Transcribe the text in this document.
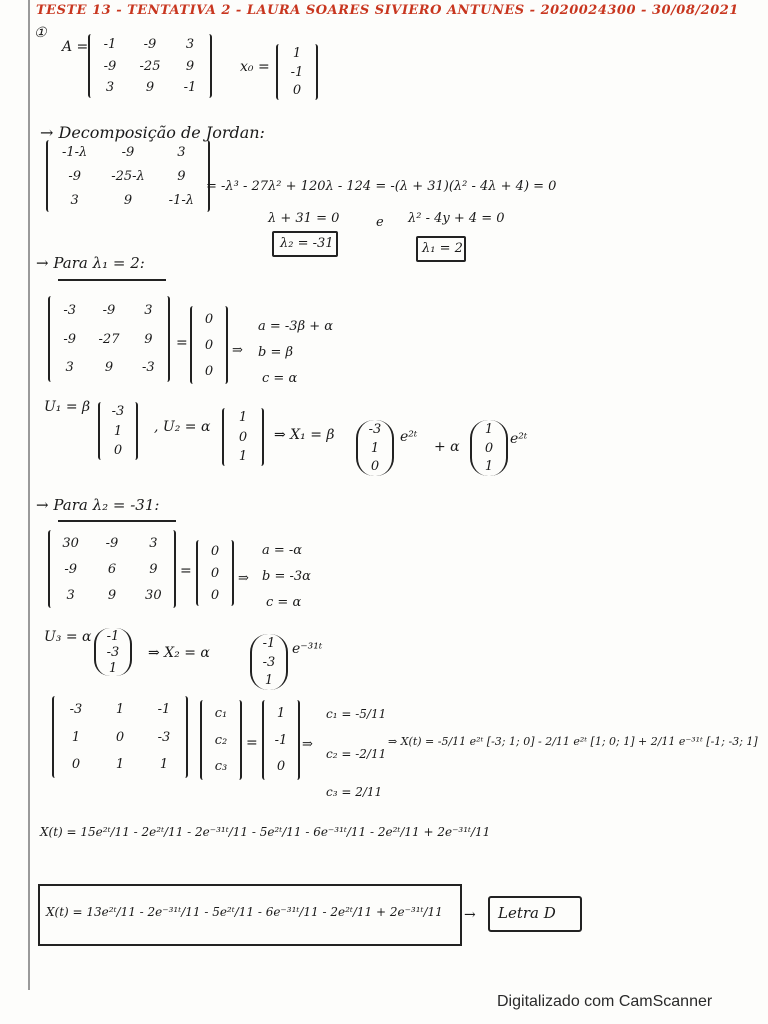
TESTE 13 - TENTATIVA 2 - LAURA SOARES SIVIERO ANTUNES - 2020024300 - 30/08/2021
①
A =	-1	-9	3
-9	-25	9
3	9	-1
x₀ =
1
-1
0
→ Decomposição de Jordan:
-1-λ	-9	3
-9	-25-λ	9
3	9	-1-λ
= -λ³ - 27λ² + 120λ - 124 = -(λ + 31)(λ² - 4λ + 4) = 0
λ + 31 = 0	e λ² - 4y + 4 = 0
λ₂ = -31	λ₁ = 2
→ Para λ₁ = 2:
-3	-9	3
-9	-27	9
3	9	-3
=
0
0
0
⇒
a = -3β + α
b = β
c = α
U₁ = β	-3
1
0
, U₂ = α
1
0
1
⇒ X₁ = β	-3
1
0
e²ᵗ
+ α
1
0
1
e²ᵗ
→ Para λ₂ = -31:
30	-9	3
-9	6	9
3	9	30
=
0
0
0
⇒
a = -α
b = -3α
c = α
U₃ = α	-1
-3
1
⇒ X₂ = α
-1
-3
1
e⁻³¹ᵗ
-3	1	-1
1	0	-3
0	1	1
c₁
c₂
c₃
=
1
-1
0
⇒
c₁ = -5/11
c₂ = -2/11
c₃ = 2/11
⇒ X(t) = -5/11 e²ᵗ [-3; 1; 0] - 2/11 e²ᵗ [1; 0; 1] + 2/11 e⁻³¹ᵗ [-1; -3; 1]
X(t) = 15e²ᵗ/11 - 2e²ᵗ/11 - 2e⁻³¹ᵗ/11 - 5e²ᵗ/11 - 6e⁻³¹ᵗ/11 - 2e²ᵗ/11 + 2e⁻³¹ᵗ/11
X(t) = 13e²ᵗ/11 - 2e⁻³¹ᵗ/11 - 5e²ᵗ/11 - 6e⁻³¹ᵗ/11 - 2e²ᵗ/11 + 2e⁻³¹ᵗ/11 → Letra D
Digitalizado com CamScanner
